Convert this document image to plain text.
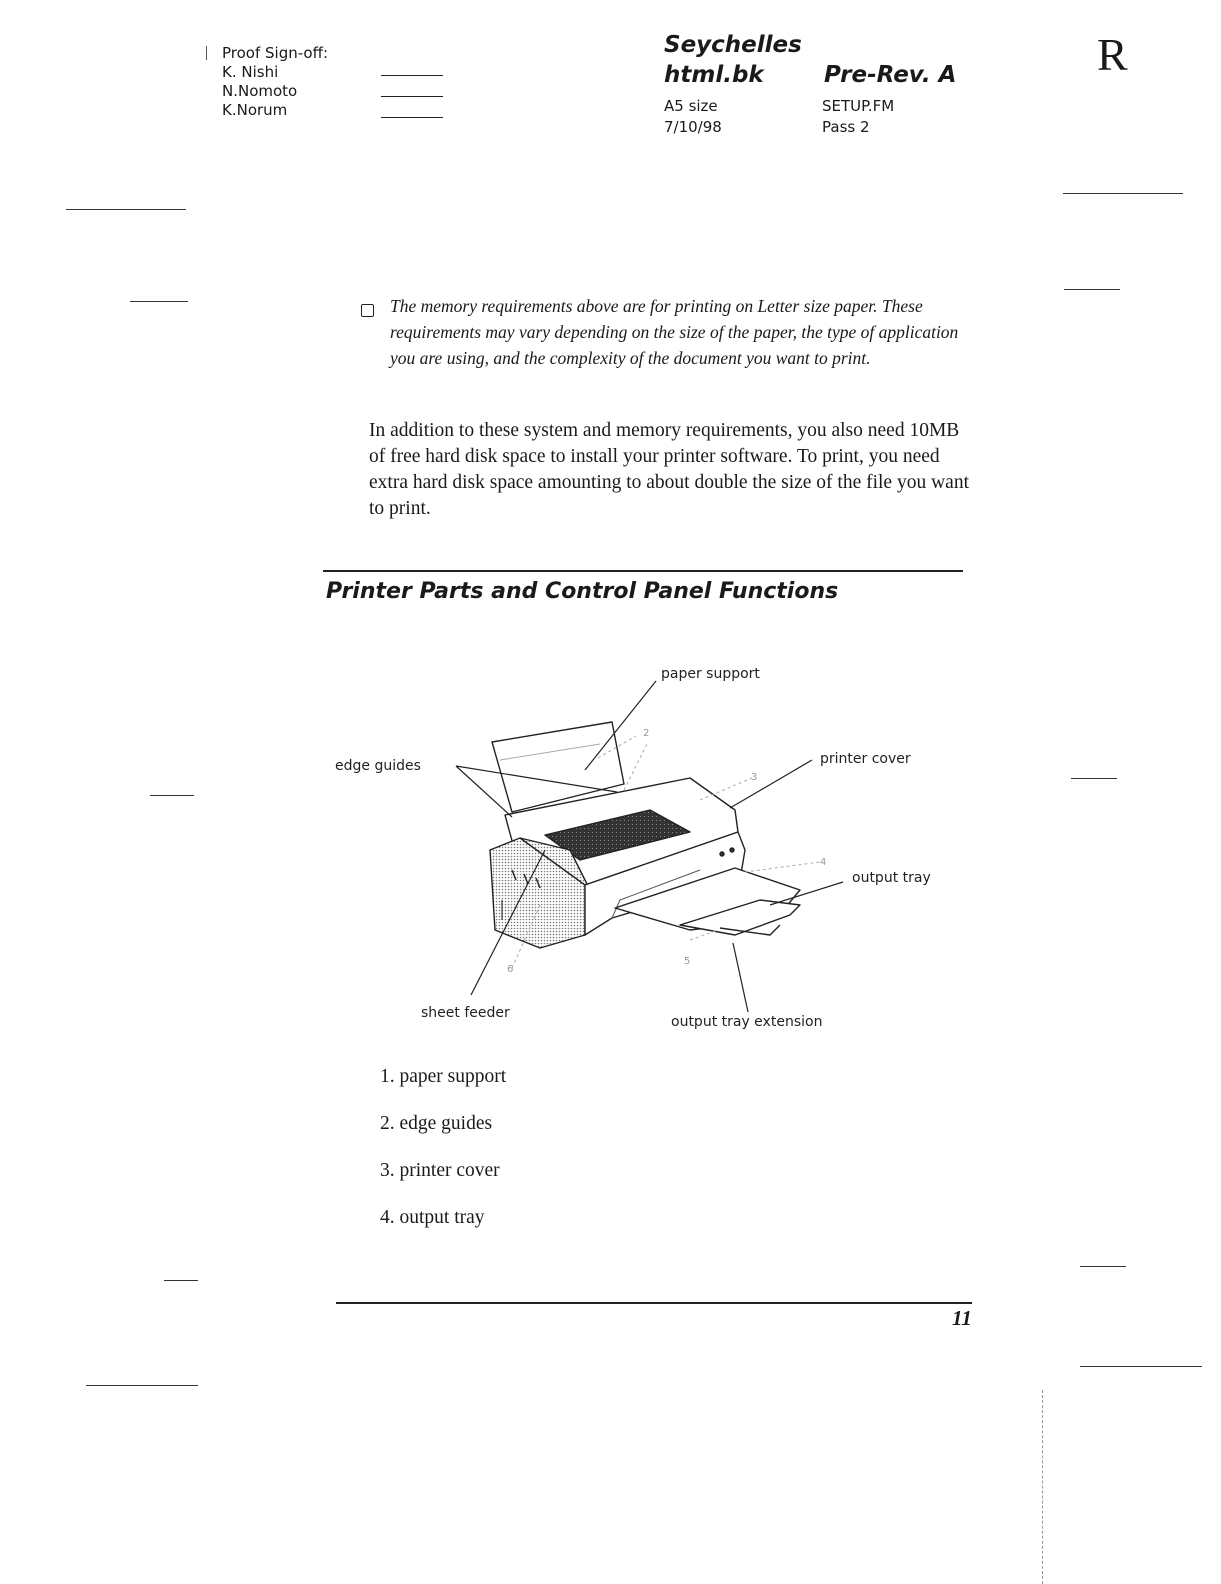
Proof Sign-off:
K. Nishi
N.Nomoto
K.Norum
Seychelles
html.bk	Pre-Rev. A
A5 size
7/10/98
SETUP.FM
Pass 2
R
The memory requirements above are for printing on Letter size paper. These requirements may vary depending on the size of the paper, the type of application you are using, and the complexity of the document you want to print.
In addition to these system and memory requirements, you also need 10MB of free hard disk space to install your printer software. To print, you need extra hard disk space amounting to about double the size of the file you want to print.
Printer Parts and Control Panel Functions
2
3
4
5
6
paper support
edge guides	printer cover
output tray
sheet feeder
output tray extension
1. paper support
2. edge guides
3. printer cover
4. output tray
11
